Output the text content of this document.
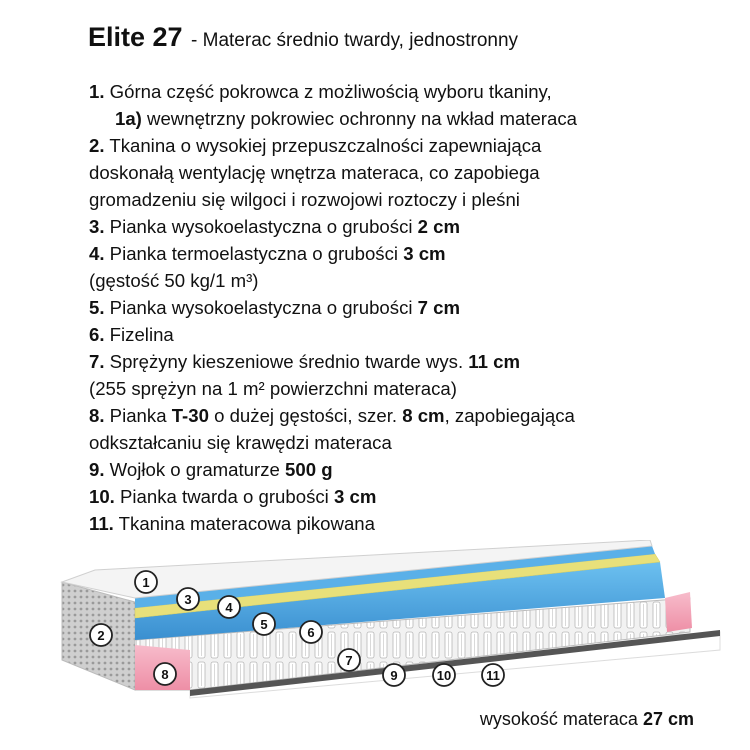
Elite 27 - Materac średnio twardy, jednostronny
1. Górna część pokrowca z możliwością wyboru tkaniny,
1a) wewnętrzny pokrowiec ochronny na wkład materaca
2. Tkanina o wysokiej przepuszczalności zapewniająca
doskonałą wentylację wnętrza materaca, co zapobiega
gromadzeniu się wilgoci i rozwojowi roztoczy i pleśni
3. Pianka wysokoelastyczna o grubości 2 cm
4. Pianka termoelastyczna o grubości 3 cm
(gęstość 50 kg/1 m³)
5. Pianka wysokoelastyczna o grubości 7 cm
6. Fizelina
7. Sprężyny kieszeniowe średnio twarde wys. 11 cm
(255 sprężyn na 1 m² powierzchni materaca)
8. Pianka T-30 o dużej gęstości, szer. 8 cm, zapobiegająca
odkształcaniu się krawędzi materaca
9. Wojłok o gramaturze 500 g
10. Pianka twarda o grubości 3 cm
11. Tkanina materacowa pikowana
1
2
3
4
5
6
7
8	9	10	11
wysokość materaca 27 cm
